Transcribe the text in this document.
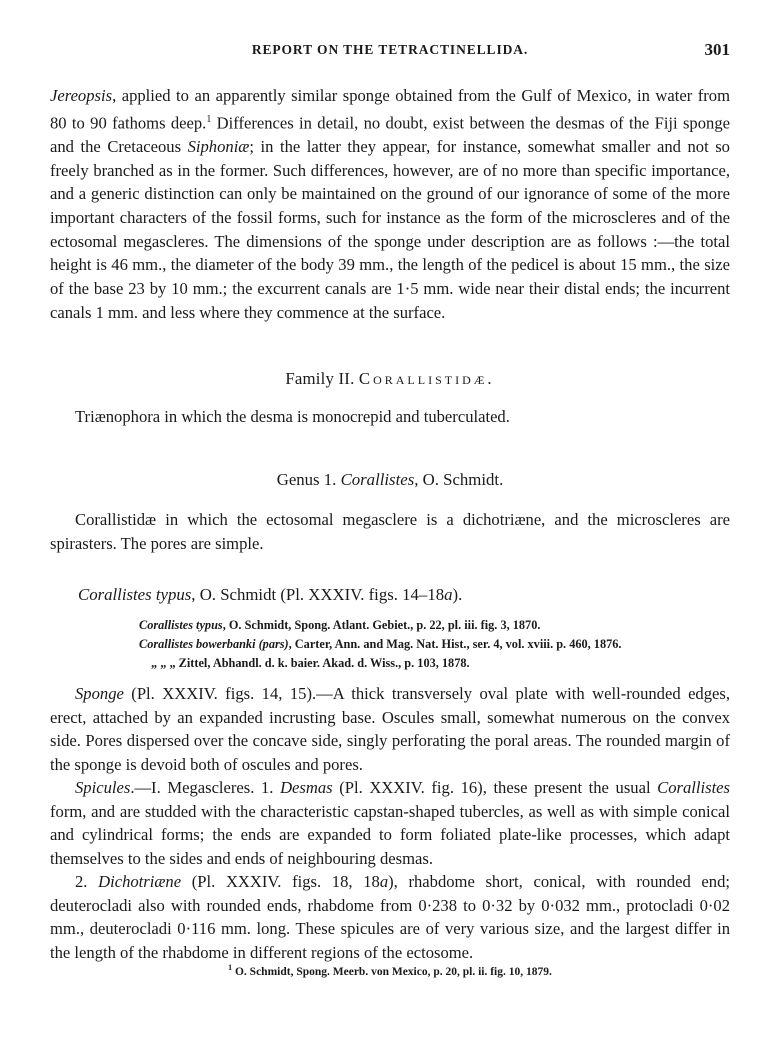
REPORT ON THE TETRACTINELLIDA.	301

Jereopsis, applied to an apparently similar sponge obtained from the Gulf of Mexico, in water from 80 to 90 fathoms deep.$^1$ Differences in detail, no doubt, exist between the desmas of the Fiji sponge and the Cretaceous Siphoniæ; in the latter they appear, for instance, somewhat smaller and not so freely branched as in the former. Such differences, however, are of no more than specific importance, and a generic distinction can only be maintained on the ground of our ignorance of some of the more important characters of the fossil forms, such for instance as the form of the microscleres and of the ectosomal megascleres. The dimensions of the sponge under description are as follows :—the total height is 46 mm., the diameter of the body 39 mm., the length of the pedicel is about 15 mm., the size of the base 23 by 10 mm.; the excurrent canals are 1·5 mm. wide near their distal ends; the incurrent canals 1 mm. and less where they commence at the surface.

Family II. Corallistidæ.

Triænophora in which the desma is monocrepid and tuberculated.

Genus 1. Corallistes, O. Schmidt.

Corallistidæ in which the ectosomal megasclere is a dichotriæne, and the microscleres are spirasters. The pores are simple.

Corallistes typus, O. Schmidt (Pl. XXXIV. figs. 14–18a).

Corallistes typus, O. Schmidt, Spong. Atlant. Gebiet., p. 22, pl. iii. fig. 3, 1870.
Corallistes bowerbanki (pars), Carter, Ann. and Mag. Nat. Hist., ser. 4, vol. xviii. p. 460, 1876.
„ „ „ Zittel, Abhandl. d. k. baier. Akad. d. Wiss., p. 103, 1878.

Sponge (Pl. XXXIV. figs. 14, 15).—A thick transversely oval plate with well-rounded edges, erect, attached by an expanded incrusting base. Oscules small, somewhat numerous on the convex side. Pores dispersed over the concave side, singly perforating the poral areas. The rounded margin of the sponge is devoid both of oscules and pores.

Spicules.—I. Megascleres. 1. Desmas (Pl. XXXIV. fig. 16), these present the usual Corallistes form, and are studded with the characteristic capstan-shaped tubercles, as well as with simple conical and cylindrical forms; the ends are expanded to form foliated plate-like processes, which adapt themselves to the sides and ends of neighbouring desmas.

2. Dichotriæne (Pl. XXXIV. figs. 18, 18a), rhabdome short, conical, with rounded end; deuterocladi also with rounded ends, rhabdome from 0·238 to 0·32 by 0·032 mm., protocladi 0·02 mm., deuterocladi 0·116 mm. long. These spicules are of very various size, and the largest differ in the length of the rhabdome in different regions of the ectosome.

$^1$ O. Schmidt, Spong. Meerb. von Mexico, p. 20, pl. ii. fig. 10, 1879.
